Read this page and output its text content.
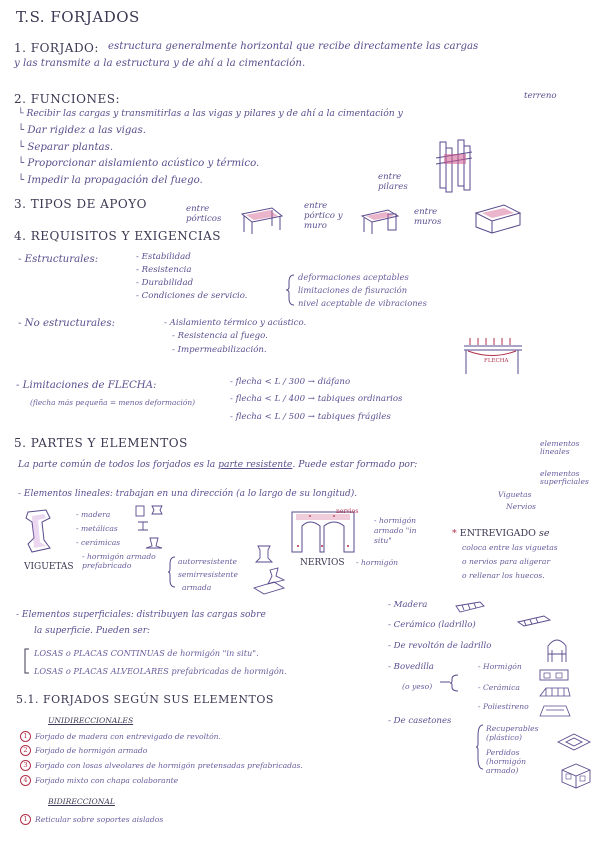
T.S. FORJADOS
1. FORJADO: estructura generalmente horizontal que recibe directamente las cargas
y las transmite a la estructura y de ahí a la cimentación.
2. FUNCIONES:	terreno
└ Recibir las cargas y transmitirlas a las vigas y pilares y de ahí a la cimentación y
└ Dar rigidez a las vigas.
└ Separar plantas.
└ Proporcionar aislamiento acústico y térmico.
└ Impedir la propagación del fuego.	entre pilares
3. TIPOS DE APOYO	entre pórticos
entre pórtico y muro
entre muros
4. REQUISITOS Y EXIGENCIAS
- Estructurales:	- Estabilidad
- Resistencia
- Durabilidad
- Condiciones de servicio.
deformaciones aceptables
limitaciones de fisuración
nivel aceptable de vibraciones
- No estructurales:	- Aislamiento térmico y acústico.
- Resistencia al fuego.
- Impermeabilización.
FLECHA
- Limitaciones de FLECHA:
(flecha más pequeña = menos deformación)
- flecha < L / 300 → diáfano
- flecha < L / 400 → tabiques ordinarios
- flecha < L / 500 → tabiques frágiles
5. PARTES Y ELEMENTOS
La parte común de todos los forjados es la parte resistente. Puede estar formado por:
elementos lineales
elementos superficiales
- Elementos lineales: trabajan en una dirección (a lo largo de su longitud).	Viguetas
Nervios
- madera
- metálicas
- cerámicas
- hormigón armado prefabricado
VIGUETAS
autorresistente
semirresistente
armada
nervios
NERVIOS
- hormigón armado "in situ"
- hormigón
* ENTREVIGADO se
coloca entre las viguetas
o nervios para aligerar
o rellenar los huecos.
- Elementos superficiales: distribuyen las cargas sobre
la superficie. Pueden ser:
LOSAS o PLACAS CONTINUAS de hormigón "in situ".
LOSAS o PLACAS ALVEOLARES prefabricadas de hormigón.
- Madera
- Cerámico (ladrillo)
- De revoltón de ladrillo
- Bovedilla
(o yeso)
- De casetones
- Hormigón
- Cerámica
- Poliestireno
Recuperables (plástico)
Perdidos (hormigón armado)
5.1. FORJADOS SEGÚN SUS ELEMENTOS
UNIDIRECCIONALES
1 Forjado de madera con entrevigado de revoltón.
2 Forjado de hormigón armado
3 Forjado con losas alveolares de hormigón pretensadas prefabricadas.
4 Forjado mixto con chapa colaborante
BIDIRECCIONAL
1 Reticular sobre soportes aislados
